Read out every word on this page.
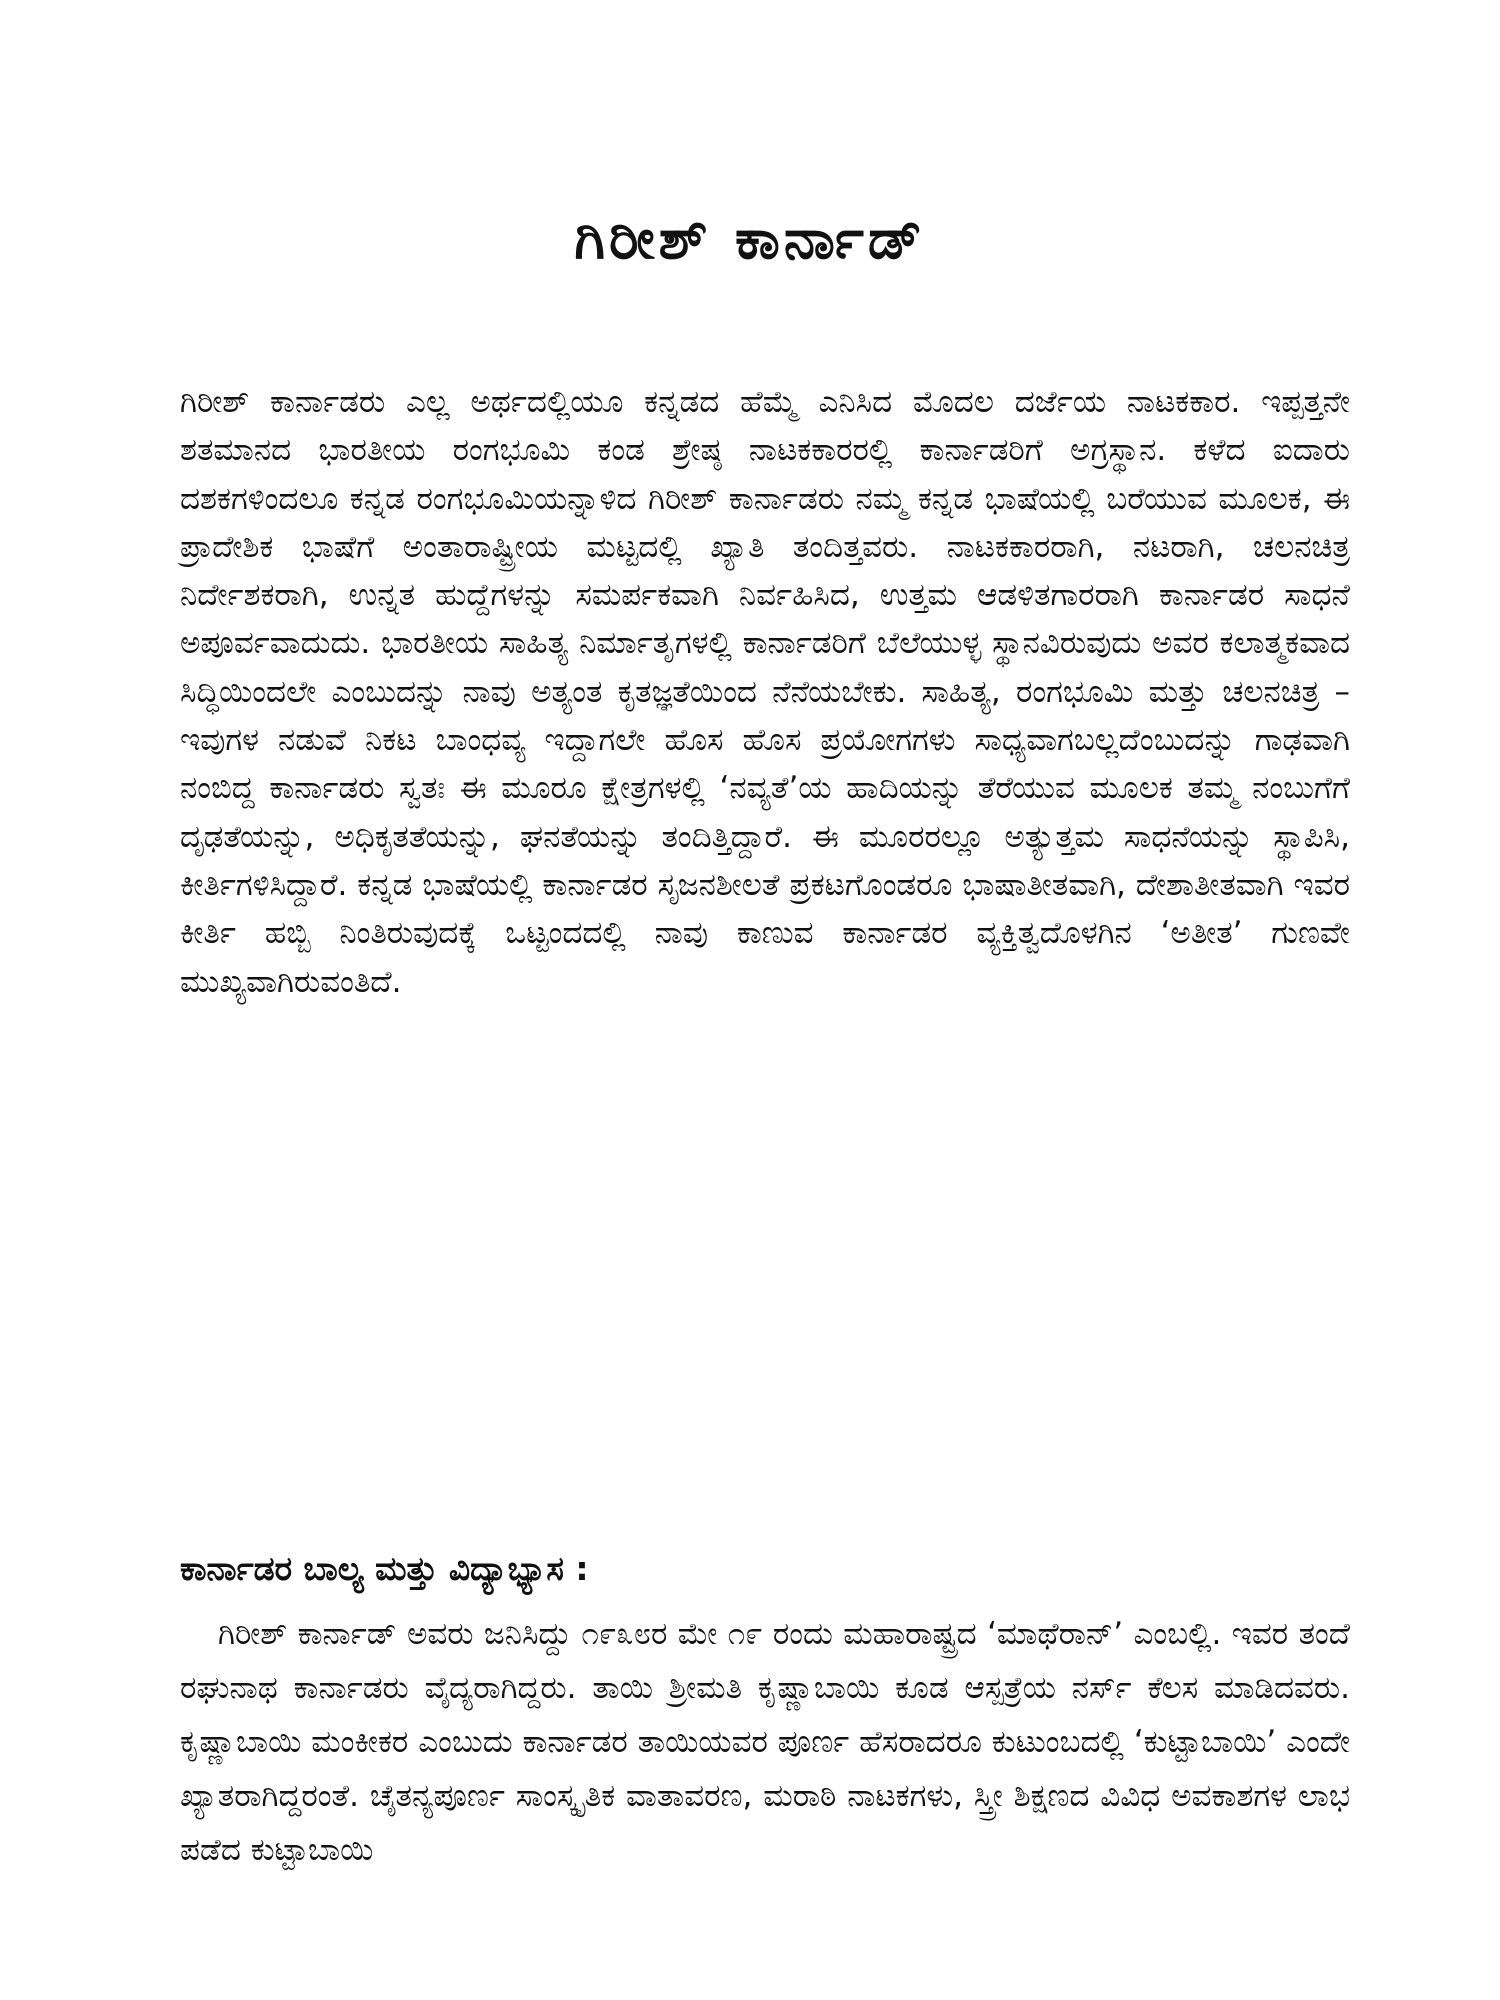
ಗಿರೀಶ್ ಕಾರ್ನಾಡ್

ಗಿರೀಶ್ ಕಾರ್ನಾಡರು ಎಲ್ಲ ಅರ್ಥದಲ್ಲಿಯೂ ಕನ್ನಡದ ಹೆಮ್ಮೆ ಎನಿಸಿದ ಮೊದಲ ದರ್ಜೆಯ ನಾಟಕಕಾರ. ಇಪ್ಪತ್ತನೇ ಶತಮಾನದ ಭಾರತೀಯ ರಂಗಭೂಮಿ ಕಂಡ ಶ್ರೇಷ್ಠ ನಾಟಕಕಾರರಲ್ಲಿ ಕಾರ್ನಾಡರಿಗೆ ಅಗ್ರಸ್ಥಾನ. ಕಳೆದ ಐದಾರು ದಶಕಗಳಿಂದಲೂ ಕನ್ನಡ ರಂಗಭೂಮಿಯನ್ನಾಳಿದ ಗಿರೀಶ್ ಕಾರ್ನಾಡರು ನಮ್ಮ ಕನ್ನಡ ಭಾಷೆಯಲ್ಲಿ ಬರೆಯುವ ಮೂಲಕ, ಈ ಪ್ರಾದೇಶಿಕ ಭಾಷೆಗೆ ಅಂತಾರಾಷ್ಟ್ರೀಯ ಮಟ್ಟದಲ್ಲಿ ಖ್ಯಾತಿ ತಂದಿತ್ತವರು. ನಾಟಕಕಾರರಾಗಿ, ನಟರಾಗಿ, ಚಲನಚಿತ್ರ ನಿರ್ದೇಶಕರಾಗಿ, ಉನ್ನತ ಹುದ್ದೆಗಳನ್ನು ಸಮರ್ಪಕವಾಗಿ ನಿರ್ವಹಿಸಿದ, ಉತ್ತಮ ಆಡಳಿತಗಾರರಾಗಿ ಕಾರ್ನಾಡರ ಸಾಧನೆ ಅಪೂರ್ವವಾದುದು. ಭಾರತೀಯ ಸಾಹಿತ್ಯ ನಿರ್ಮಾತೃಗಳಲ್ಲಿ ಕಾರ್ನಾಡರಿಗೆ ಬೆಲೆಯುಳ್ಳ ಸ್ಥಾನವಿರುವುದು ಅವರ ಕಲಾತ್ಮಕವಾದ ಸಿದ್ಧಿಯಿಂದಲೇ ಎಂಬುದನ್ನು ನಾವು ಅತ್ಯಂತ ಕೃತಜ್ಞತೆಯಿಂದ ನೆನೆಯಬೇಕು. ಸಾಹಿತ್ಯ, ರಂಗಭೂಮಿ ಮತ್ತು ಚಲನಚಿತ್ರ – ಇವುಗಳ ನಡುವೆ ನಿಕಟ ಬಾಂಧವ್ಯ ಇದ್ದಾಗಲೇ ಹೊಸ ಹೊಸ ಪ್ರಯೋಗಗಳು ಸಾಧ್ಯವಾಗಬಲ್ಲದೆಂಬುದನ್ನು ಗಾಢವಾಗಿ ನಂಬಿದ್ದ ಕಾರ್ನಾಡರು ಸ್ವತಃ ಈ ಮೂರೂ ಕ್ಷೇತ್ರಗಳಲ್ಲಿ ‘ನವ್ಯತೆ’ಯ ಹಾದಿಯನ್ನು ತೆರೆಯುವ ಮೂಲಕ ತಮ್ಮ ನಂಬುಗೆಗೆ ದೃಢತೆಯನ್ನು, ಅಧಿಕೃತತೆಯನ್ನು, ಘನತೆಯನ್ನು ತಂದಿತ್ತಿದ್ದಾರೆ. ಈ ಮೂರರಲ್ಲೂ ಅತ್ಯುತ್ತಮ ಸಾಧನೆಯನ್ನು ಸ್ಥಾಪಿಸಿ, ಕೀರ್ತಿಗಳಿಸಿದ್ದಾರೆ. ಕನ್ನಡ ಭಾಷೆಯಲ್ಲಿ ಕಾರ್ನಾಡರ ಸೃಜನಶೀಲತೆ ಪ್ರಕಟಗೊಂಡರೂ ಭಾಷಾತೀತವಾಗಿ, ದೇಶಾತೀತವಾಗಿ ಇವರ ಕೀರ್ತಿ ಹಬ್ಬಿ ನಿಂತಿರುವುದಕ್ಕೆ ಒಟ್ಟಂದದಲ್ಲಿ ನಾವು ಕಾಣುವ ಕಾರ್ನಾಡರ ವ್ಯಕ್ತಿತ್ವದೊಳಗಿನ ‘ಅತೀತ’ ಗುಣವೇ ಮುಖ್ಯವಾಗಿರುವಂತಿದೆ.

ಕಾರ್ನಾಡರ ಬಾಲ್ಯ ಮತ್ತು ವಿದ್ಯಾಭ್ಯಾಸ :

ಗಿರೀಶ್ ಕಾರ್ನಾಡ್ ಅವರು ಜನಿಸಿದ್ದು ೧೯೩೮ರ ಮೇ ೧೯ ರಂದು ಮಹಾರಾಷ್ಟ್ರದ ‘ಮಾಥೆರಾನ್’ ಎಂಬಲ್ಲಿ. ಇವರ ತಂದೆ ರಘುನಾಥ ಕಾರ್ನಾಡರು ವೈದ್ಯರಾಗಿದ್ದರು. ತಾಯಿ ಶ್ರೀಮತಿ ಕೃಷ್ಣಾಬಾಯಿ ಕೂಡ ಆಸ್ಪತ್ರೆಯ ನರ್ಸ್ ಕೆಲಸ ಮಾಡಿದವರು. ಕೃಷ್ಣಾಬಾಯಿ ಮಂಕೀಕರ ಎಂಬುದು ಕಾರ್ನಾಡರ ತಾಯಿಯವರ ಪೂರ್ಣ ಹೆಸರಾದರೂ ಕುಟುಂಬದಲ್ಲಿ ‘ಕುಟ್ಟಾಬಾಯಿ’ ಎಂದೇ ಖ್ಯಾತರಾಗಿದ್ದರಂತೆ. ಚೈತನ್ಯಪೂರ್ಣ ಸಾಂಸ್ಕೃತಿಕ ವಾತಾವರಣ, ಮರಾಠಿ ನಾಟಕಗಳು, ಸ್ತ್ರೀ ಶಿಕ್ಷಣದ ವಿವಿಧ ಅವಕಾಶಗಳ ಲಾಭ ಪಡೆದ ಕುಟ್ಟಾಬಾಯಿ
